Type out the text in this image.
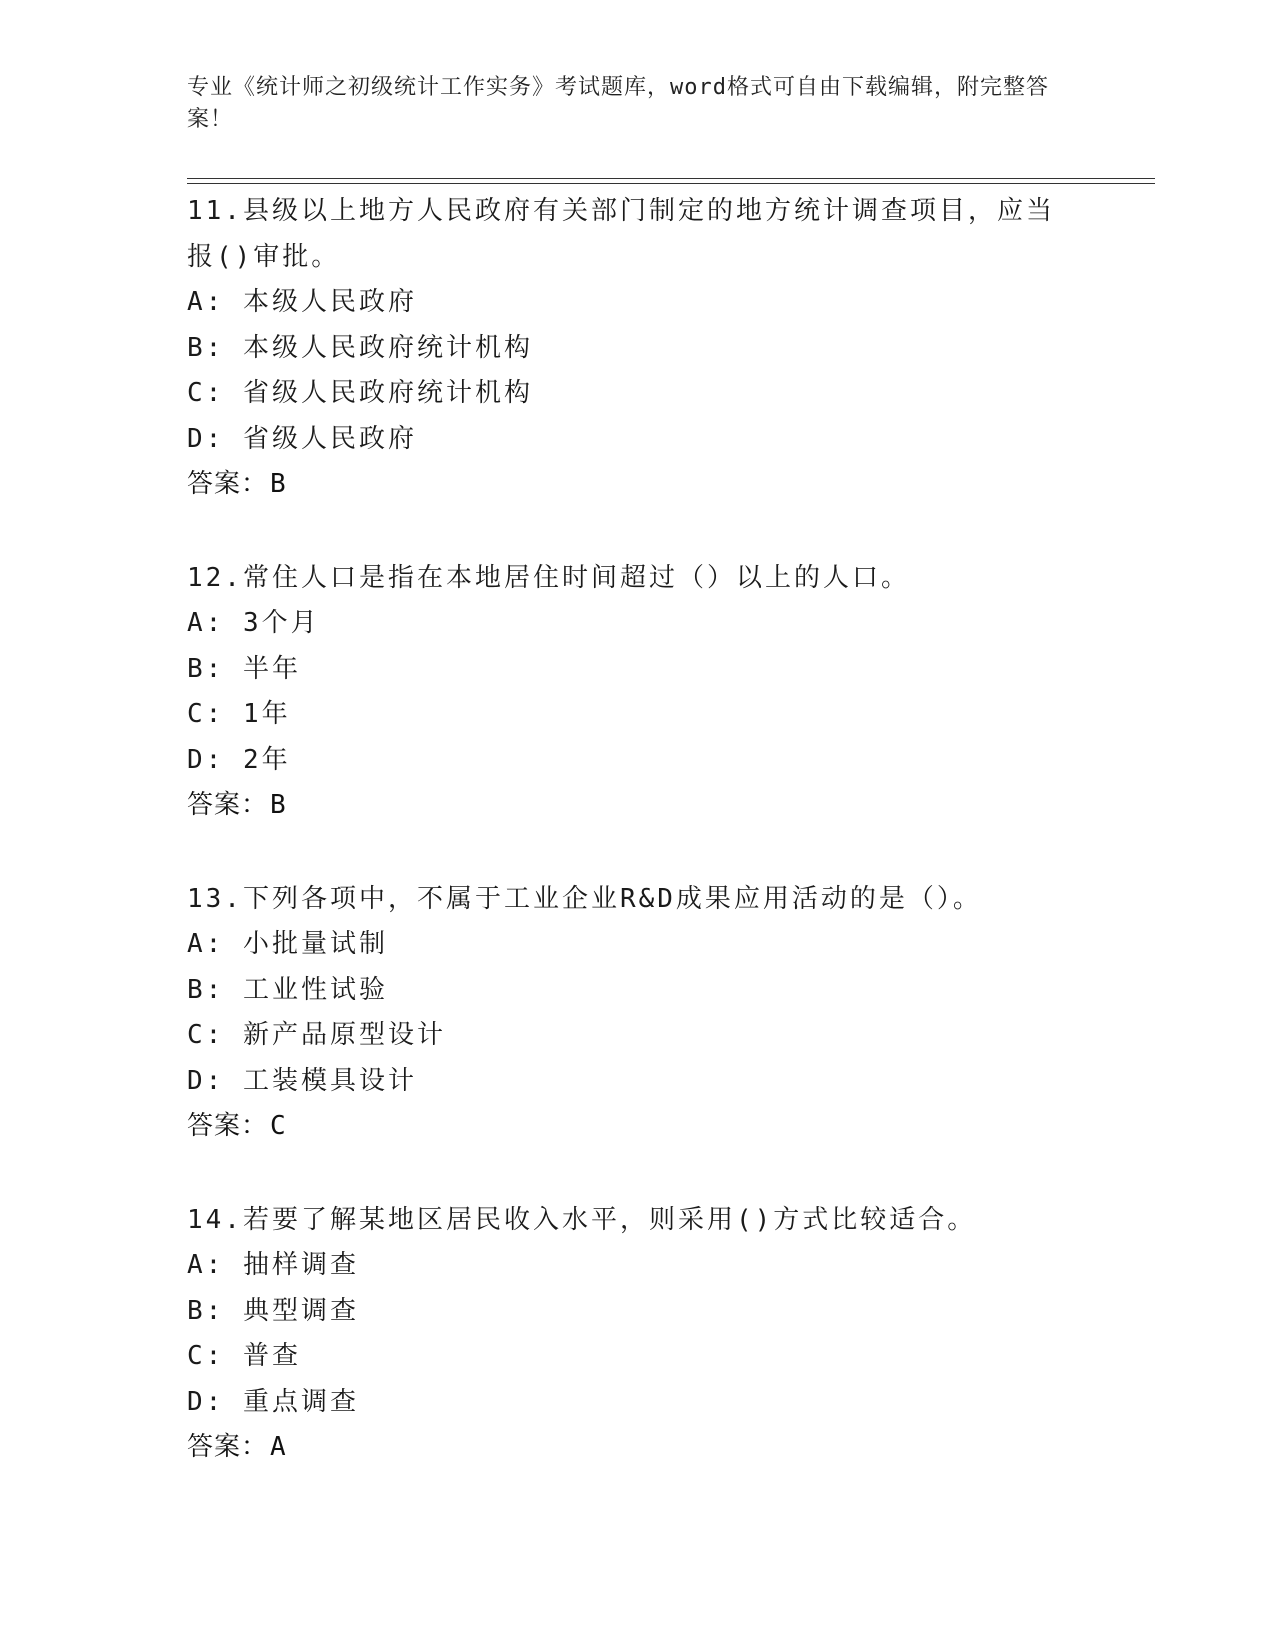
专业《统计师之初级统计工作实务》考试题库，word格式可自由下载编辑，附完整答案！
11.县级以上地方人民政府有关部门制定的地方统计调查项目，应当报()审批。
A: 本级人民政府
B: 本级人民政府统计机构
C: 省级人民政府统计机构
D: 省级人民政府
答案：B
12.常住人口是指在本地居住时间超过（）以上的人口。
A: 3个月
B: 半年
C: 1年
D: 2年
答案：B
13.下列各项中，不属于工业企业R&D成果应用活动的是（）。
A: 小批量试制
B: 工业性试验
C: 新产品原型设计
D: 工装模具设计
答案：C
14.若要了解某地区居民收入水平，则采用()方式比较适合。
A: 抽样调查
B: 典型调查
C: 普查
D: 重点调查
答案：A
